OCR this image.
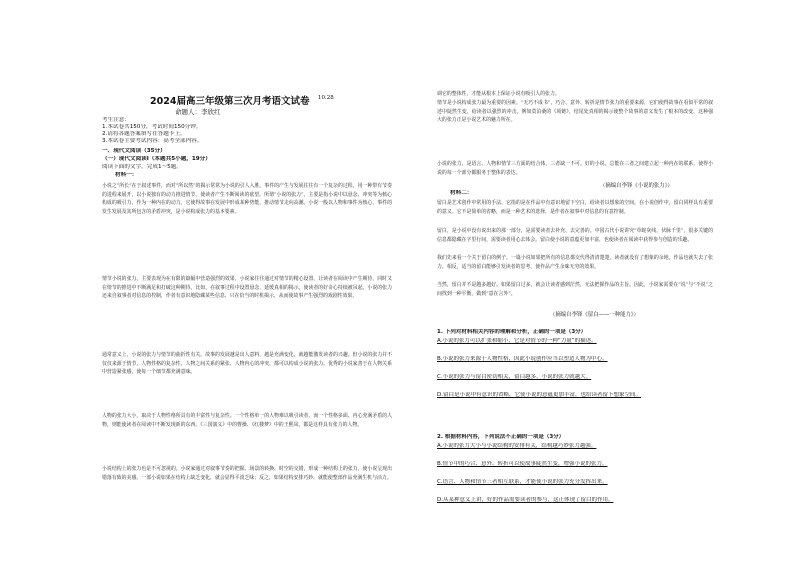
2024届高三年级第三次月考语文试卷 10.28
命题人：李欣红
考生注意：
1.本试卷共150分，考试时间150分钟。
2.请将各题答案填写在答题卡上。
3.本试卷主要考试内容：高考全部内容。
一、现代文阅读（35分）
（一）现代文阅读Ⅰ（本题共5小题，19分）
阅读下面的文字，完成1～5题。
材料一：
小说之“所长”在于叙述事件，而对“所以然”的揭示常常为小说的引人入胜。事件的产生与发展往往有一个复杂的过程，用一种带有节奏的进程来展开，以小说独有的动力推进情节，使读者产生不断阅读的欲望。所谓“小说的张力”，主要是指小说中以悬念、冲突等为核心构成的吸引力，作为一种内在的动力，它使得故事在发展中形成某种势能，推动情节走向高潮。小说一般以人物和事件为核心，事件的发生发展及其所包含的矛盾冲突，是小说构成张力的基本要素。
情节小说的张力，主要表现为在有限的篇幅中营造强烈的效果。小说家往往通过对情节的精心设置，让读者在阅读中产生期待，同时又在情节的推进中不断满足和打破这种期待。比如，在叙事过程中设置悬念，延缓真相的揭示，使读者的好奇心持续被吊起。小说的张力还来自叙事者对信息的控制，作者有意识地隐藏某些信息，只在恰当的时机揭示，从而使故事产生强烈的戏剧性效果。
通常意义上，小说的张力与情节的曲折性有关。故事的发展越是出人意料，越是充满变化，就越能激发读者的兴趣。但小说的张力并不仅仅来源于情节，人物性格的复杂性、人物之间关系的紧张、人物内心的冲突，都可以构成小说的张力。优秀的小说家善于在人物关系中营造紧张感，使每一个细节都充满意味。
人物的张力大小，取决于人物性格所具有的丰富性与复杂性。一个性格单一的人物难以吸引读者，而一个性格多面、内心充满矛盾的人物，则能使读者在阅读中不断发现新的东西。《三国演义》中的曹操、《红楼梦》中的王熙凤，都是这样具有张力的人物。
小说结构上的张力也是不可忽视的。小说家通过对叙事节奏的把握、场景的转换、时空的交错，形成一种结构上的张力，使小说呈现出错落有致的美感。一部小说如果在结构上缺乏变化，就会显得平淡乏味；反之，如果结构安排巧妙，就能使整部作品充满生机与活力。
调它的整体性，才能从根本上保证小说有吸引人的张力。
情节是小说构成张力最为重要的因素。“无巧不成书”，巧合、意外、转折是情节张力的重要来源，它们使得故事在看似平常的叙述中陡然生变，给读者以强烈的冲击。例如莫泊桑的《项链》，结尾处真相的揭示使整个故事的意义发生了根本的改变，这种强大的张力正是小说艺术的魅力所在。
小说的张力，是语言、人物和情节三方面的结合体，三者缺一不可。好的小说，总能在三者之间建立起一种内在的联系，使得小说的每一个部分都服务于整体的表达。
（摘编自李锋《小说的张力》）
材料二：
留白是艺术创作中常用的手法，它指的是在作品中有意识地留下空白，给读者以想象的空间。在小说创作中，留白同样具有重要的意义。它不是简单的省略，而是一种艺术的选择，是作者在叙事中对信息的有意控制。
留白，是小说中没有说出来的那一部分，是需要读者去补充、去完善的。中国古代小说讲究“草蛇灰线，伏脉千里”，很多关键的信息都隐藏在字里行间，需要读者用心去体会。留白使小说的意蕴更加丰富，也使读者在阅读中获得参与创造的乐趣。
我们先来看一个关于留白的例子。一篇小说如果把所有的信息都交代得清清楚楚，读者就没有了想象的余地，作品也就失去了张力。相反，适当的留白能够引发读者的思考，使作品产生余味无穷的效果。
当然，留白并不是越多越好。如果留白过多，就会让读者感到茫然，无法把握作品的主旨。因此，小说家需要在“说”与“不说”之间找到一种平衡，做到“意在言外”。
（摘编自李锋《留白——一种能力》）
1. 下列对材料相关内容的理解和分析，正确的一项是（3分）
A.小说的张力可以扩张和缩小，它是对情节的一种“力量”的描述。
B.小说的张力来源于人物性格，因此小说创作应当以塑造人物为中心。
C.小说的张力与留白密切相关，留白越多，小说的张力就越大。
D.留白是小说中有意识的省略，它使小说的意蕴更加丰富，也给读者留下想象空间。
2. 根据材料内容，下列说法不正确的一项是（3分）
A.小说的张力大小与小说结构的安排有关，结构越巧妙张力越强。
B.情节中的巧合、意外、转折可以使故事陡然生变，增强小说的张力。
C.语言、人物和情节三者相互联系，才能使小说的张力充分发挥出来。
D.从某种意义上讲，好的作品需要读者的参与，这正体现了留白的作用。
